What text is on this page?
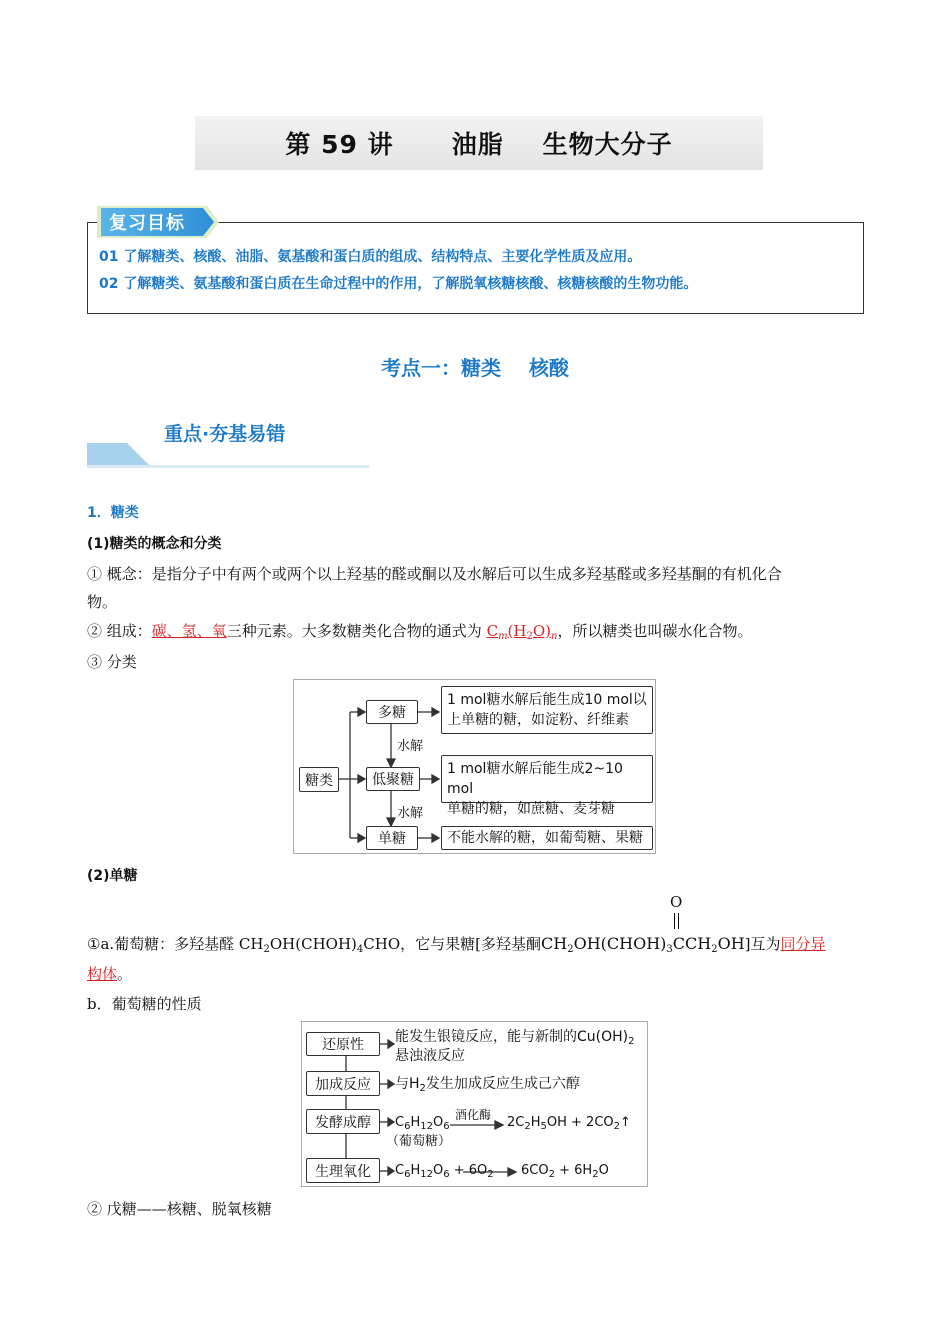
第 59 讲      油脂    生物大分子
复习目标
01 了解糖类、核酸、油脂、氨基酸和蛋白质的组成、结构特点、主要化学性质及应用。
02 了解糖类、氨基酸和蛋白质在生命过程中的作用，了解脱氧核糖核酸、核糖核酸的生物功能。
考点一：糖类    核酸
重点·夯基易错
1．糖类
(1)糖类的概念和分类
① 概念：是指分子中有两个或两个以上羟基的醛或酮以及水解后可以生成多羟基醛或多羟基酮的有机化合
物。
② 组成：碳、氢、氧三种元素。大多数糖类化合物的通式为 $C_m(H_2O)_n$，所以糖类也叫碳水化合物。
③ 分类
糖类
多糖
低聚糖
单糖
水解
水解
1 mol糖水解后能生成10 mol以
上单糖的糖，如淀粉、纤维素
1 mol糖水解后能生成2~10 mol
单糖的糖，如蔗糖、麦芽糖
不能水解的糖，如葡萄糖、果糖
(2)单糖
①a.葡萄糖：多羟基醛 $CH_2OH(CHOH)_4CHO$，它与果糖[多羟基酮
O
$CH_2OH(CHOH)_3CCH_2OH$]互为同分异
构体。
b．葡萄糖的性质
还原性
加成反应
发酵成醇
生理氧化
能发生银镜反应，能与新制的$Cu(OH)_2$
悬浊液反应
与$H_2$发生加成反应生成己六醇
$C_6H_{12}O_6$
（葡萄糖）
酒化酶 $2C_2H_5OH$ + $2CO_2↑$
$C_6H_{12}O_6 + 6O_2$ $6CO_2 + 6H_2O$
② 戊糖——核糖、脱氧核糖
